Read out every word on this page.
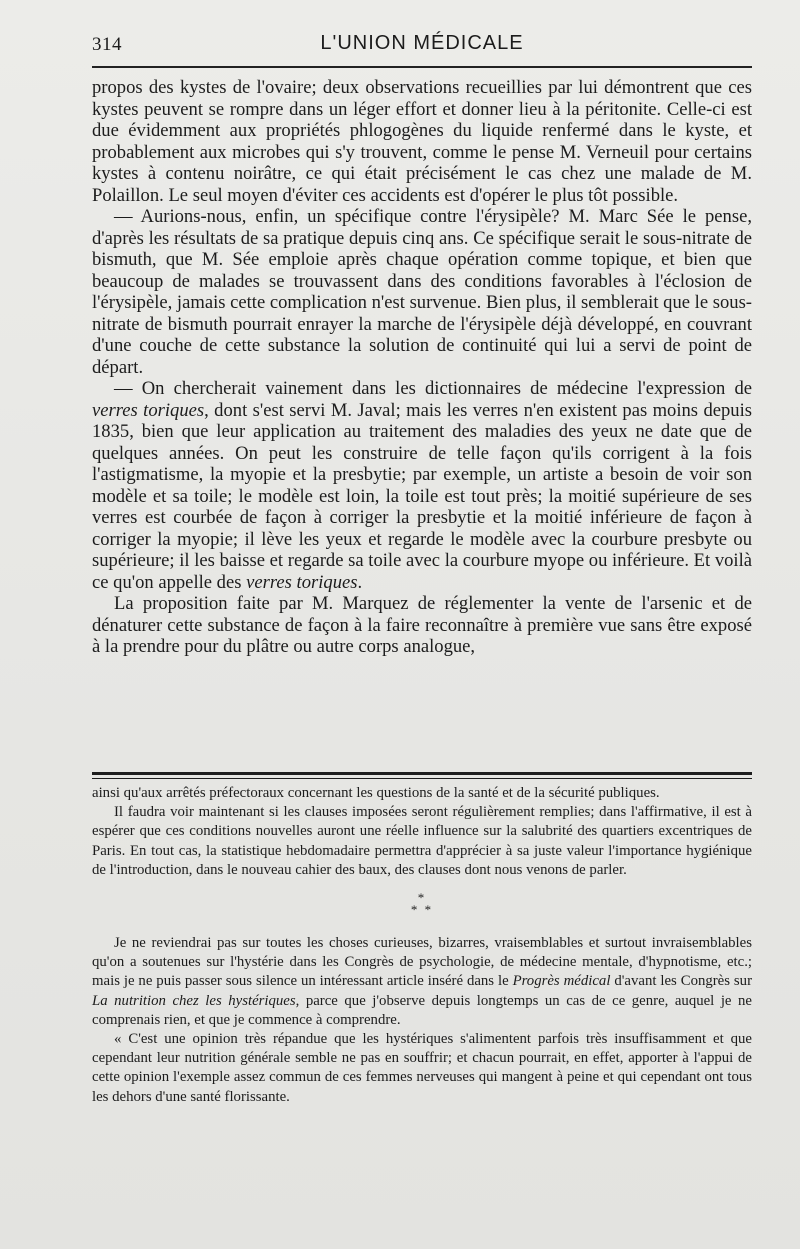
314	L'UNION MÉDICALE

propos des kystes de l'ovaire; deux observations recueillies par lui démontrent que ces kystes peuvent se rompre dans un léger effort et donner lieu à la péritonite. Celle-ci est due évidemment aux propriétés phlogogènes du liquide renfermé dans le kyste, et probablement aux microbes qui s'y trouvent, comme le pense M. Verneuil pour certains kystes à contenu noirâtre, ce qui était précisément le cas chez une malade de M. Polaillon. Le seul moyen d'éviter ces accidents est d'opérer le plus tôt possible.

— Aurions-nous, enfin, un spécifique contre l'érysipèle? M. Marc Sée le pense, d'après les résultats de sa pratique depuis cinq ans. Ce spécifique serait le sous-nitrate de bismuth, que M. Sée emploie après chaque opération comme topique, et bien que beaucoup de malades se trouvassent dans des conditions favorables à l'éclosion de l'érysipèle, jamais cette complication n'est survenue. Bien plus, il semblerait que le sous-nitrate de bismuth pourrait enrayer la marche de l'érysipèle déjà développé, en couvrant d'une couche de cette substance la solution de continuité qui lui a servi de point de départ.

— On chercherait vainement dans les dictionnaires de médecine l'expression de verres toriques, dont s'est servi M. Javal; mais les verres n'en existent pas moins depuis 1835, bien que leur application au traitement des maladies des yeux ne date que de quelques années. On peut les construire de telle façon qu'ils corrigent à la fois l'astigmatisme, la myopie et la presbytie; par exemple, un artiste a besoin de voir son modèle et sa toile; le modèle est loin, la toile est tout près; la moitié supérieure de ses verres est courbée de façon à corriger la presbytie et la moitié inférieure de façon à corriger la myopie; il lève les yeux et regarde le modèle avec la courbure presbyte ou supérieure; il les baisse et regarde sa toile avec la courbure myope ou inférieure. Et voilà ce qu'on appelle des verres toriques.

La proposition faite par M. Marquez de réglementer la vente de l'arsenic et de dénaturer cette substance de façon à la faire reconnaître à première vue sans être exposé à la prendre pour du plâtre ou autre corps analogue,

ainsi qu'aux arrêtés préfectoraux concernant les questions de la santé et de la sécurité publiques.

Il faudra voir maintenant si les clauses imposées seront régulièrement remplies; dans l'affirmative, il est à espérer que ces conditions nouvelles auront une réelle influence sur la salubrité des quartiers excentriques de Paris. En tout cas, la statistique hebdomadaire permettra d'apprécier à sa juste valeur l'importance hygiénique de l'introduction, dans le nouveau cahier des baux, des clauses dont nous venons de parler.

*
* *

Je ne reviendrai pas sur toutes les choses curieuses, bizarres, vraisemblables et surtout invraisemblables qu'on a soutenues sur l'hystérie dans les Congrès de psychologie, de médecine mentale, d'hypnotisme, etc.; mais je ne puis passer sous silence un intéressant article inséré dans le Progrès médical d'avant les Congrès sur La nutrition chez les hystériques, parce que j'observe depuis longtemps un cas de ce genre, auquel je ne comprenais rien, et que je commence à comprendre.

« C'est une opinion très répandue que les hystériques s'alimentent parfois très insuffisamment et que cependant leur nutrition générale semble ne pas en souffrir; et chacun pourrait, en effet, apporter à l'appui de cette opinion l'exemple assez commun de ces femmes nerveuses qui mangent à peine et qui cependant ont tous les dehors d'une santé florissante.
